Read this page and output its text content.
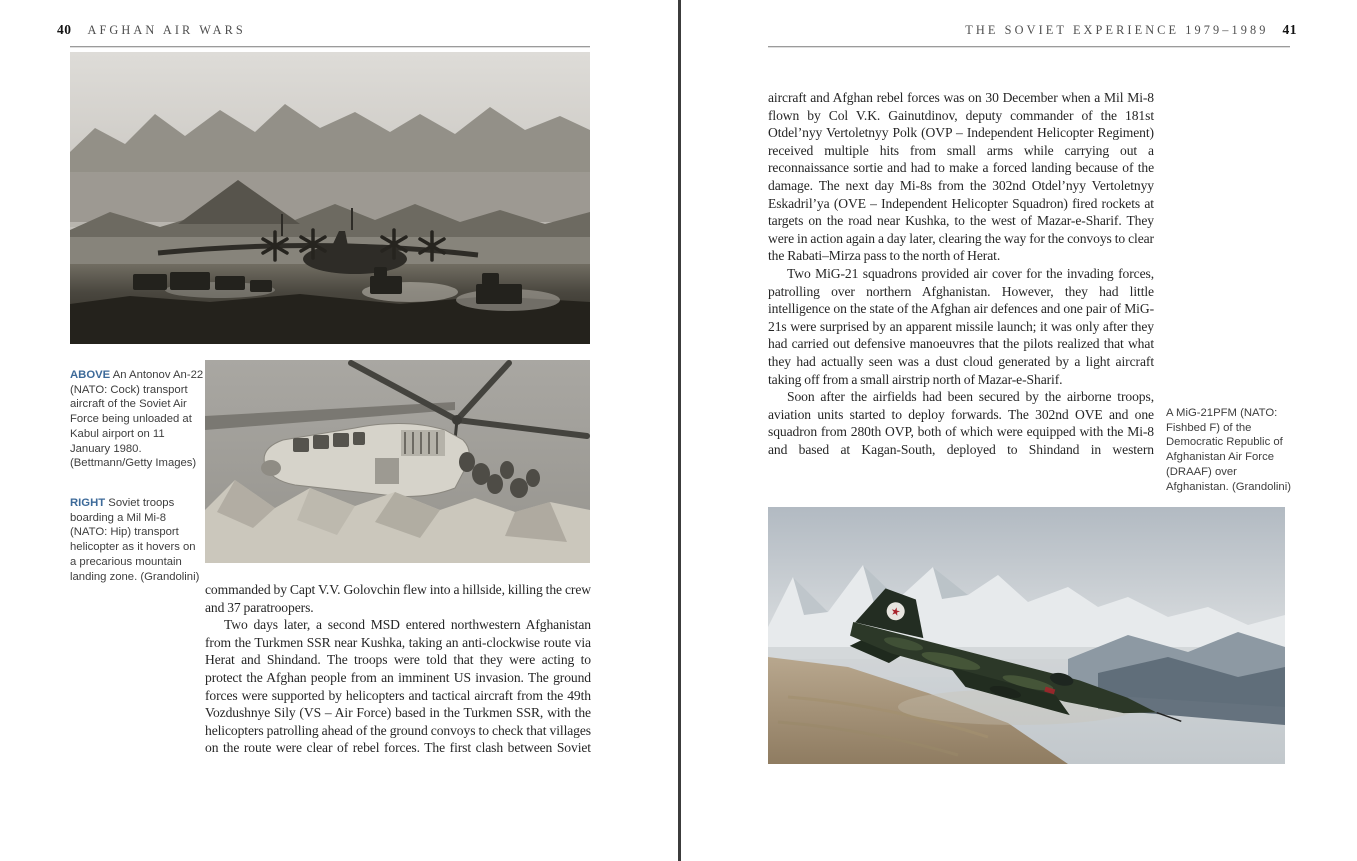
40 AFGHAN AIR WARS
ABOVE An Antonov An-22 (NATO: Cock) transport aircraft of the Soviet Air Force being unloaded at Kabul airport on 11 January 1980. (Bettmann/Getty Images)
RIGHT Soviet troops boarding a Mil Mi-8 (NATO: Hip) transport helicopter as it hovers on a precarious mountain landing zone. (Grandolini)

commanded by Capt V.V. Golovchin flew into a hillside, killing the crew and 37 paratroopers.

Two days later, a second MSD entered northwestern Afghanistan from the Turkmen SSR near Kushka, taking an anti-clockwise route via Herat and Shindand. The troops were told that they were acting to protect the Afghan people from an imminent US invasion. The ground forces were supported by helicopters and tactical aircraft from the 49th Vozdushnye Sily (VS – Air Force) based in the Turkmen SSR, with the helicopters patrolling ahead of the ground convoys to check that villages on the route were clear of rebel forces. The first clash between Soviet

THE SOVIET EXPERIENCE 1979–1989 41

aircraft and Afghan rebel forces was on 30 December when a Mil Mi-8 flown by Col V.K. Gainutdinov, deputy commander of the 181st Otdel’nyy Vertoletnyy Polk (OVP – Independent Helicopter Regiment) received multiple hits from small arms while carrying out a reconnaissance sortie and had to make a forced landing because of the damage. The next day Mi-8s from the 302nd Otdel’nyy Vertoletnyy Eskadril’ya (OVE – Independent Helicopter Squadron) fired rockets at targets on the road near Kushka, to the west of Mazar-e-Sharif. They were in action again a day later, clearing the way for the convoys to clear the Rabati–Mirza pass to the north of Herat.

Two MiG-21 squadrons provided air cover for the invading forces, patrolling over northern Afghanistan. However, they had little intelligence on the state of the Afghan air defences and one pair of MiG-21s were surprised by an apparent missile launch; it was only after they had carried out defensive manoeuvres that the pilots realized that what they had actually seen was a dust cloud generated by a light aircraft taking off from a small airstrip north of Mazar-e-Sharif.

Soon after the airfields had been secured by the airborne troops, aviation units started to deploy forwards. The 302nd OVE and one squadron from 280th OVP, both of which were equipped with the Mi-8 and based at Kagan-South, deployed to Shindand in western

A MiG-21PFM (NATO: Fishbed F) of the Democratic Republic of Afghanistan Air Force (DRAAF) over Afghanistan. (Grandolini)
★
